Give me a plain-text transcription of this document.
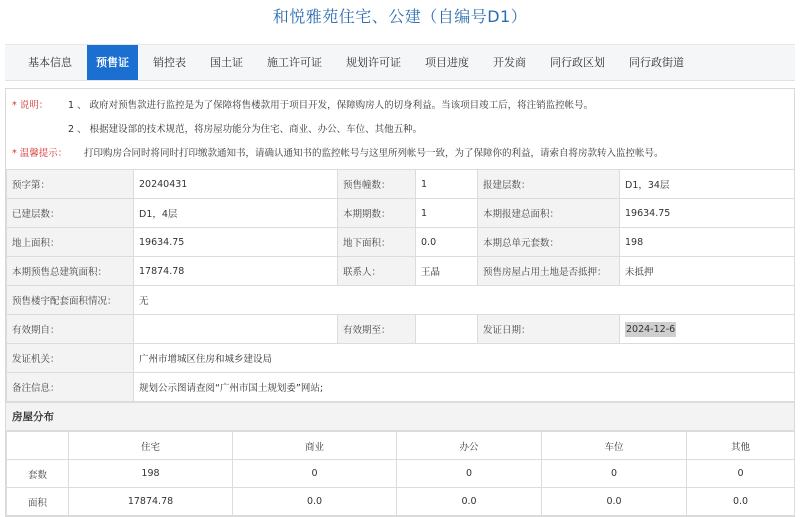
和悦雅苑住宅、公建（自编号D1）
基本信息	预售证	销控表	国土证	施工许可证	规划许可证	项目进度	开发商	同行政区划	同行政街道
* 说明： 1 、 政府对预售款进行监控是为了保障将售楼款用于项目开发，保障购房人的切身利益。当该项目竣工后，将注销监控帐号。
2 、 根据建设部的技术规范，将房屋功能分为住宅、商业、办公、车位、其他五种。
* 温馨提示： 打印购房合同时将同时打印缴款通知书，请确认通知书的监控帐号与这里所列帐号一致，为了保障你的利益，请索自将房款转入监控帐号。
预字第：	20240431	预售幢数：	1	报建层数：	D1，34层
已建层数：	D1，4层	本期期数：	1	本期报建总面积：	19634.75
地上面积：	19634.75	地下面积：	0.0	本期总单元套数：	198
本期预售总建筑面积：	17874.78	联系人：	王晶	预售房屋占用土地是否抵押：	未抵押
预售楼宇配套面积情况：	无				
有效期自：		有效期至：		发证日期：	2024-12-6
发证机关：	广州市增城区住房和城乡建设局				
备注信息：	规划公示图请查阅“广州市国土规划委”网站;				
房屋分布
	住宅	商业	办公	车位	其他
套数	198	0	0	0	0
面积	17874.78	0.0	0.0	0.0	0.0
